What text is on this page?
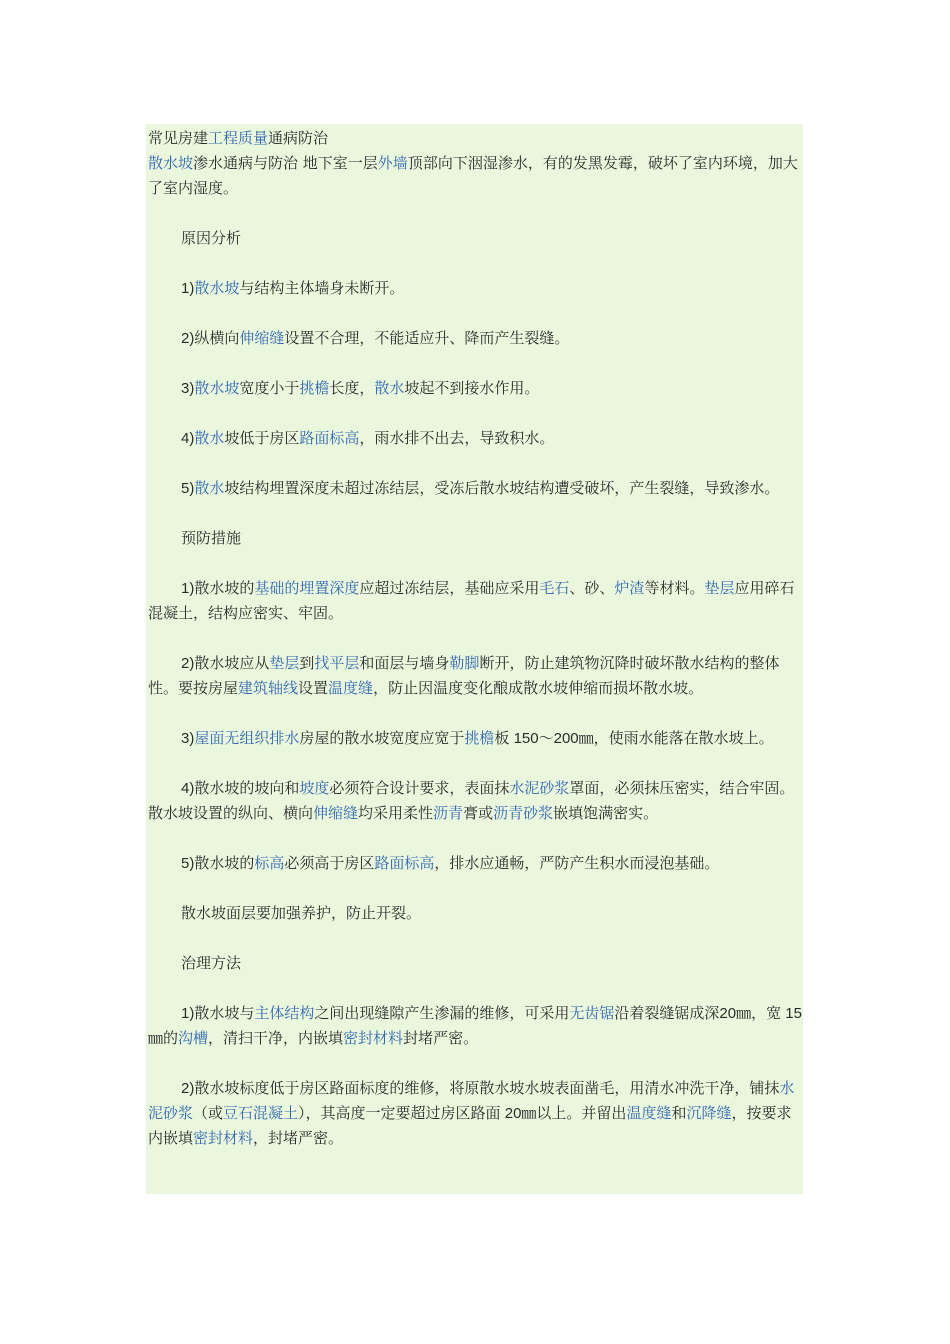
常见房建工程质量通病防治

散水坡渗水通病与防治 地下室一层外墙顶部向下洇湿渗水，有的发黑发霉，破坏了室内环境，加大了室内湿度。

原因分析

1)散水坡与结构主体墙身未断开。

2)纵横向伸缩缝设置不合理，不能适应升、降而产生裂缝。

3)散水坡宽度小于挑檐长度，散水坡起不到接水作用。

4)散水坡低于房区路面标高，雨水排不出去，导致积水。

5)散水坡结构埋置深度未超过冻结层，受冻后散水坡结构遭受破坏，产生裂缝，导致渗水。

预防措施

1)散水坡的基础的埋置深度应超过冻结层，基础应采用毛石、砂、炉渣等材料。垫层应用碎石混凝土，结构应密实、牢固。

2)散水坡应从垫层到找平层和面层与墙身勒脚断开，防止建筑物沉降时破坏散水结构的整体性。要按房屋建筑轴线设置温度缝，防止因温度变化酿成散水坡伸缩而损坏散水坡。

3)屋面无组织排水房屋的散水坡宽度应宽于挑檐板 150～200㎜，使雨水能落在散水坡上。

4)散水坡的坡向和坡度必须符合设计要求，表面抹水泥砂浆罩面，必须抹压密实，结合牢固。散水坡设置的纵向、横向伸缩缝均采用柔性沥青膏或沥青砂浆嵌填饱满密实。

5)散水坡的标高必须高于房区路面标高，排水应通畅，严防产生积水而浸泡基础。

散水坡面层要加强养护，防止开裂。

治理方法

1)散水坡与主体结构之间出现缝隙产生渗漏的维修，可采用无齿锯沿着裂缝锯成深20㎜，宽 15㎜的沟槽，清扫干净，内嵌填密封材料封堵严密。

2)散水坡标度低于房区路面标度的维修，将原散水坡水坡表面凿毛，用清水冲洗干净，铺抹水泥砂浆（或豆石混凝土），其高度一定要超过房区路面 20㎜以上。并留出温度缝和沉降缝，按要求内嵌填密封材料，封堵严密。
